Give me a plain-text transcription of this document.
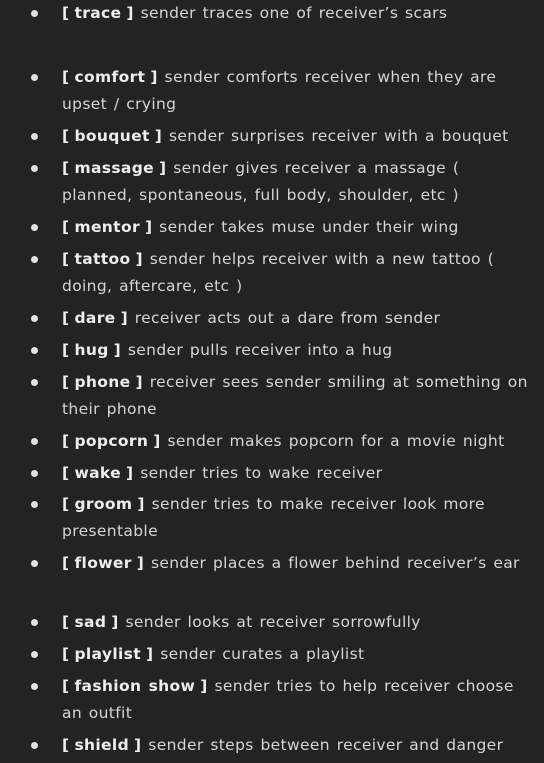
[ trace ] sender traces one of receiver’s scars
[ comfort ] sender comforts receiver when they are upset / crying
[ bouquet ] sender surprises receiver with a bouquet
[ massage ] sender gives receiver a massage ( planned, spontaneous, full body, shoulder, etc )
[ mentor ] sender takes muse under their wing
[ tattoo ] sender helps receiver with a new tattoo ( doing, aftercare, etc )
[ dare ] receiver acts out a dare from sender
[ hug ] sender pulls receiver into a hug
[ phone ] receiver sees sender smiling at something on their phone
[ popcorn ] sender makes popcorn for a movie night
[ wake ] sender tries to wake receiver
[ groom ] sender tries to make receiver look more presentable
[ flower ] sender places a flower behind receiver’s ear
[ sad ] sender looks at receiver sorrowfully
[ playlist ] sender curates a playlist
[ fashion show ] sender tries to help receiver choose an outfit
[ shield ] sender steps between receiver and danger
